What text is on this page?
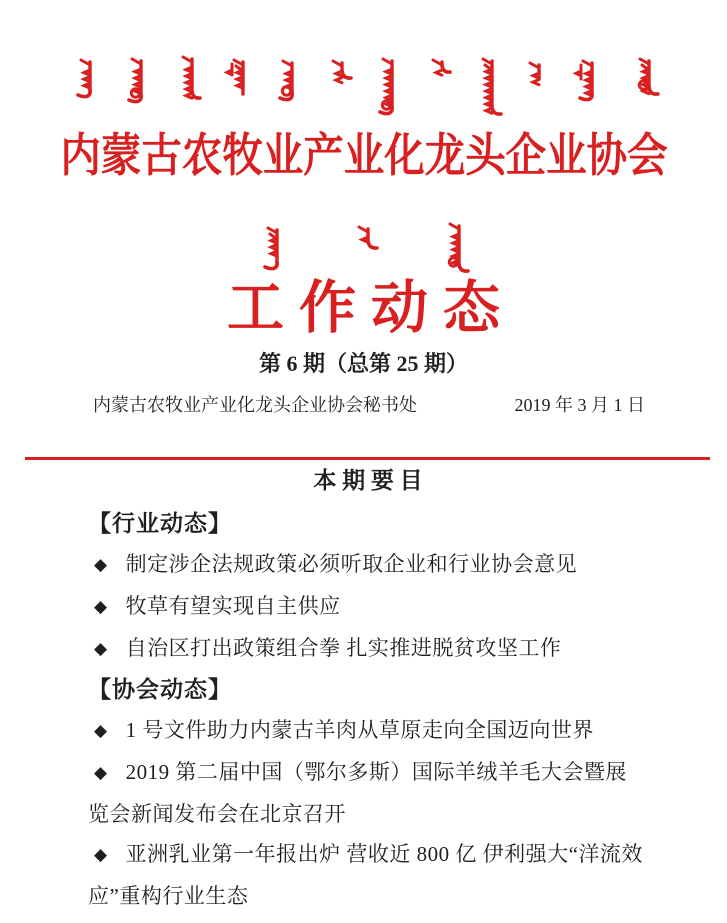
内蒙古农牧业产业化龙头企业协会
工作动态
第 6 期（总第 25 期）
内蒙古农牧业产业化龙头企业协会秘书处	2019 年 3 月 1 日
本 期 要 目

【行业动态】

◆ 制定涉企法规政策必须听取企业和行业协会意见

◆ 牧草有望实现自主供应

◆ 自治区打出政策组合拳 扎实推进脱贫攻坚工作

【协会动态】

◆ 1 号文件助力内蒙古羊肉从草原走向全国迈向世界

◆ 2019 第二届中国（鄂尔多斯）国际羊绒羊毛大会暨展览会新闻发布会在北京召开

◆ 亚洲乳业第一年报出炉 营收近 800 亿 伊利强大“洋流效应”重构行业生态
